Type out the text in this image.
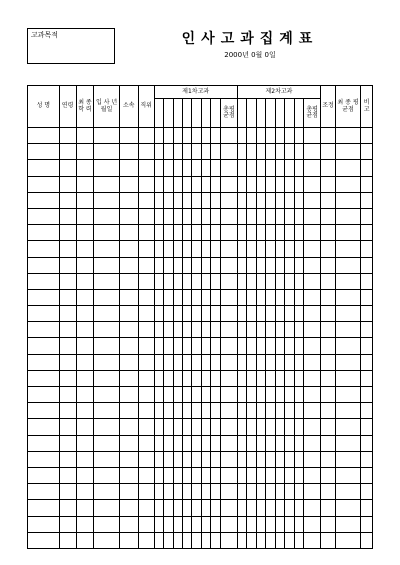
고과목적	인사고과집계표
2000년 0월 0일
성 명	연령	최 종 학 력	입 사 년월일	소속	직위	제1차고과								제2차고과								조정	최 종 평균점	비고
													총평 균점								총평 균점			
